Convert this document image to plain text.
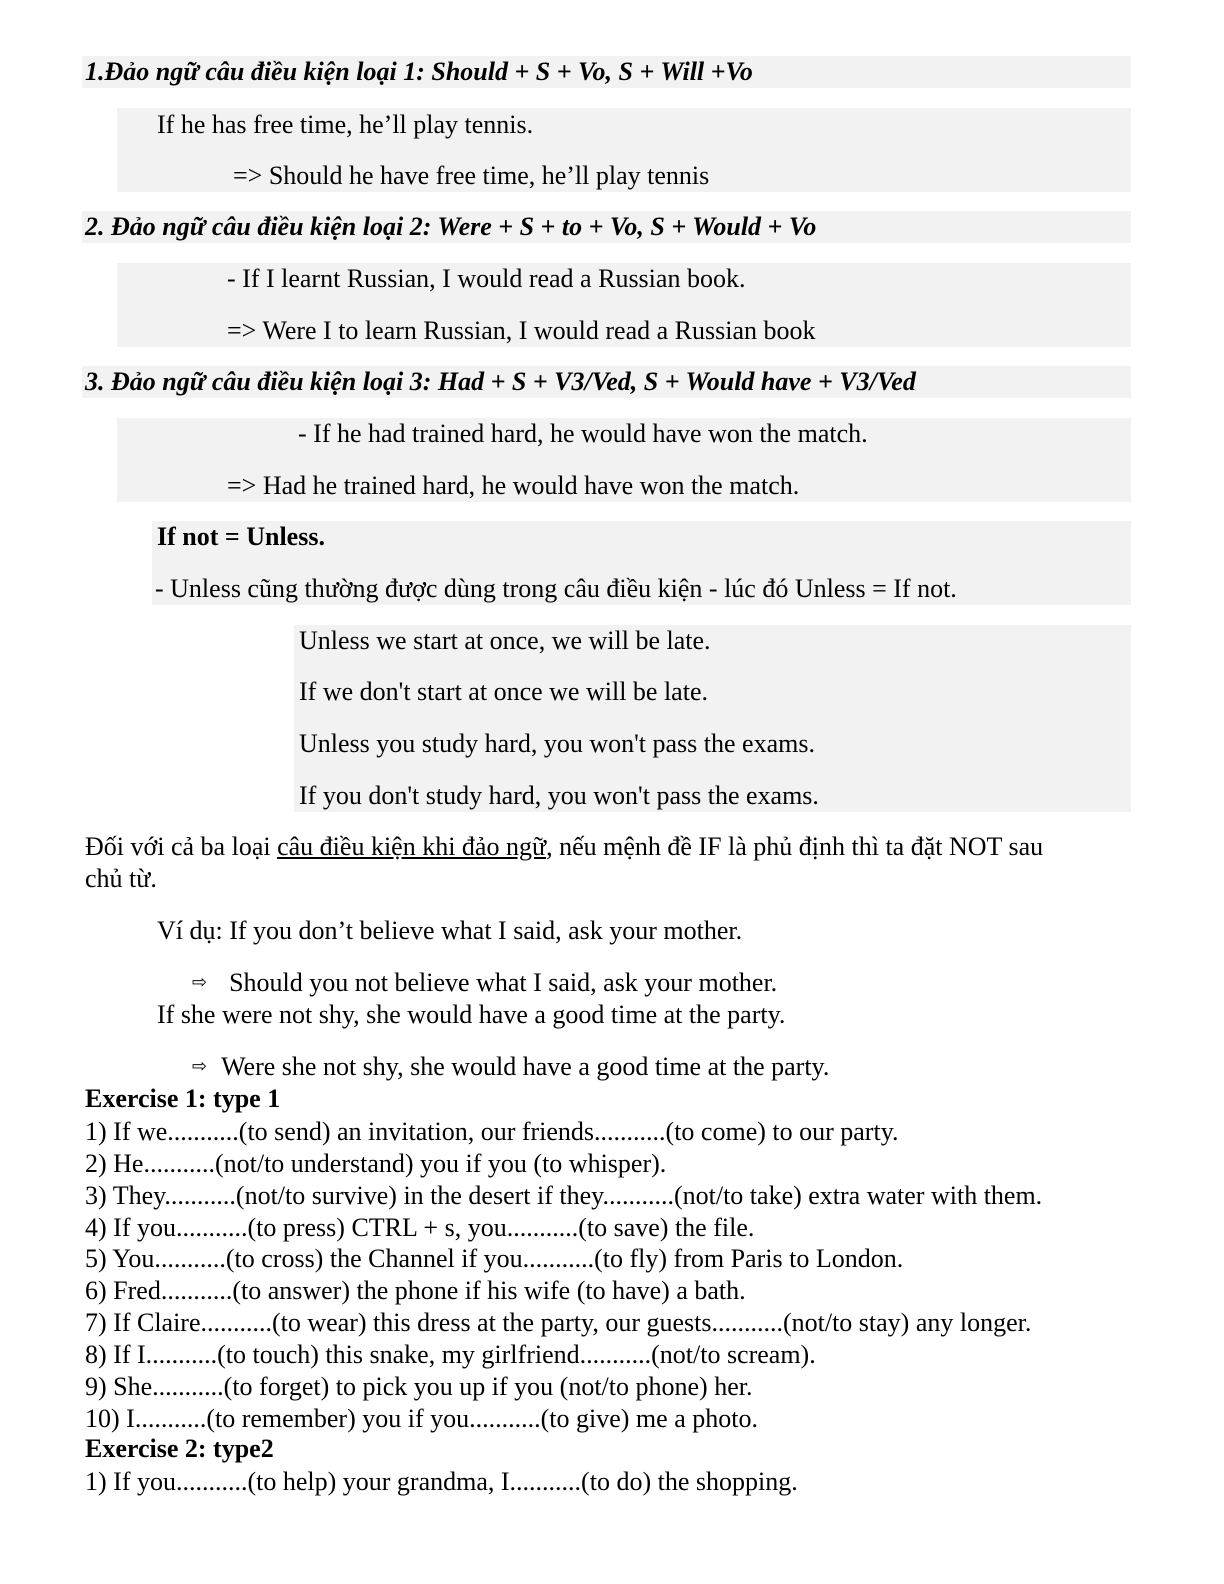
1.Đảo ngữ câu điều kiện loại 1: Should + S + Vo, S + Will +Vo
If he has free time, he’ll play tennis.
=> Should he have free time, he’ll play tennis
2. Đảo ngữ câu điều kiện loại 2: Were + S + to + Vo, S + Would + Vo
- If I learnt Russian, I would read a Russian book.
=> Were I to learn Russian, I would read a Russian book
3. Đảo ngữ câu điều kiện loại 3: Had + S + V3/Ved, S + Would have + V3/Ved
- If he had trained hard, he would have won the match.
=> Had he trained hard, he would have won the match.
If not = Unless.
- Unless cũng thường được dùng trong câu điều kiện - lúc đó Unless = If not.
Unless we start at once, we will be late.
If we don't start at once we will be late.
Unless you study hard, you won't pass the exams.
If you don't study hard, you won't pass the exams.
Đối với cả ba loại câu điều kiện khi đảo ngữ, nếu mệnh đề IF là phủ định thì ta đặt NOT sau
chủ từ.
Ví dụ: If you don’t believe what I said, ask your mother.
⇨ Should you not believe what I said, ask your mother.
If she were not shy, she would have a good time at the party.
⇨ Were she not shy, she would have a good time at the party.
Exercise 1: type 1
1) If we...........(to send) an invitation, our friends...........(to come) to our party.
2) He...........(not/to understand) you if you (to whisper).
3) They...........(not/to survive) in the desert if they...........(not/to take) extra water with them.
4) If you...........(to press) CTRL + s, you...........(to save) the file.
5) You...........(to cross) the Channel if you...........(to fly) from Paris to London.
6) Fred...........(to answer) the phone if his wife (to have) a bath.
7) If Claire...........(to wear) this dress at the party, our guests...........(not/to stay) any longer.
8) If I...........(to touch) this snake, my girlfriend...........(not/to scream).
9) She...........(to forget) to pick you up if you (not/to phone) her.
10) I...........(to remember) you if you...........(to give) me a photo.
Exercise 2: type2
1) If you...........(to help) your grandma, I...........(to do) the shopping.
